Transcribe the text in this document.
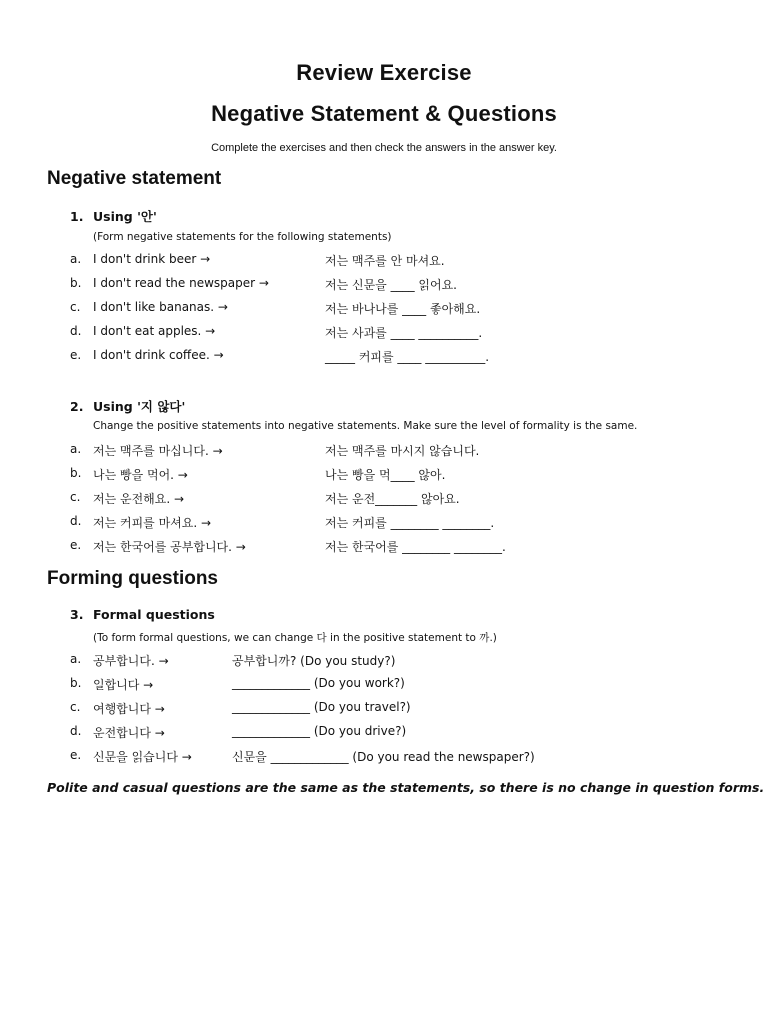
Review Exercise
Negative Statement & Questions
Complete the exercises and then check the answers in the answer key.
Negative statement
1. Using '안'
(Form negative statements for the following statements)
a. I don't drink beer →	저는 맥주를 안 마셔요.
b. I don't read the newspaper →	저는 신문을 ____ 읽어요.
c. I don't like bananas. →	저는 바나나를 ____ 좋아해요.
d. I don't eat apples. →	저는 사과를 ____ __________.
e. I don't drink coffee. →	_____ 커피를 ____ __________.
2. Using '지 않다'
Change the positive statements into negative statements. Make sure the level of formality is the same.
a. 저는 맥주를 마십니다. →	저는 맥주를 마시지 않습니다.
b. 나는 빵을 먹어. →	나는 빵을 먹____ 않아.
c. 저는 운전해요. →	저는 운전_______ 않아요.
d. 저는 커피를 마셔요. →	저는 커피를 ________ ________.
e. 저는 한국어를 공부합니다. →	저는 한국어를 ________ ________.
Forming questions
3. Formal questions
(To form formal questions, we can change 다 in the positive statement to 까.)
a. 공부합니다. →	공부합니까? (Do you study?)
b. 일합니다 →	_____________ (Do you work?)
c. 여행합니다 →	_____________ (Do you travel?)
d. 운전합니다 →	_____________ (Do you drive?)
e. 신문을 읽습니다 →	신문을 _____________ (Do you read the newspaper?)
Polite and casual questions are the same as the statements, so there is no change in question forms.
